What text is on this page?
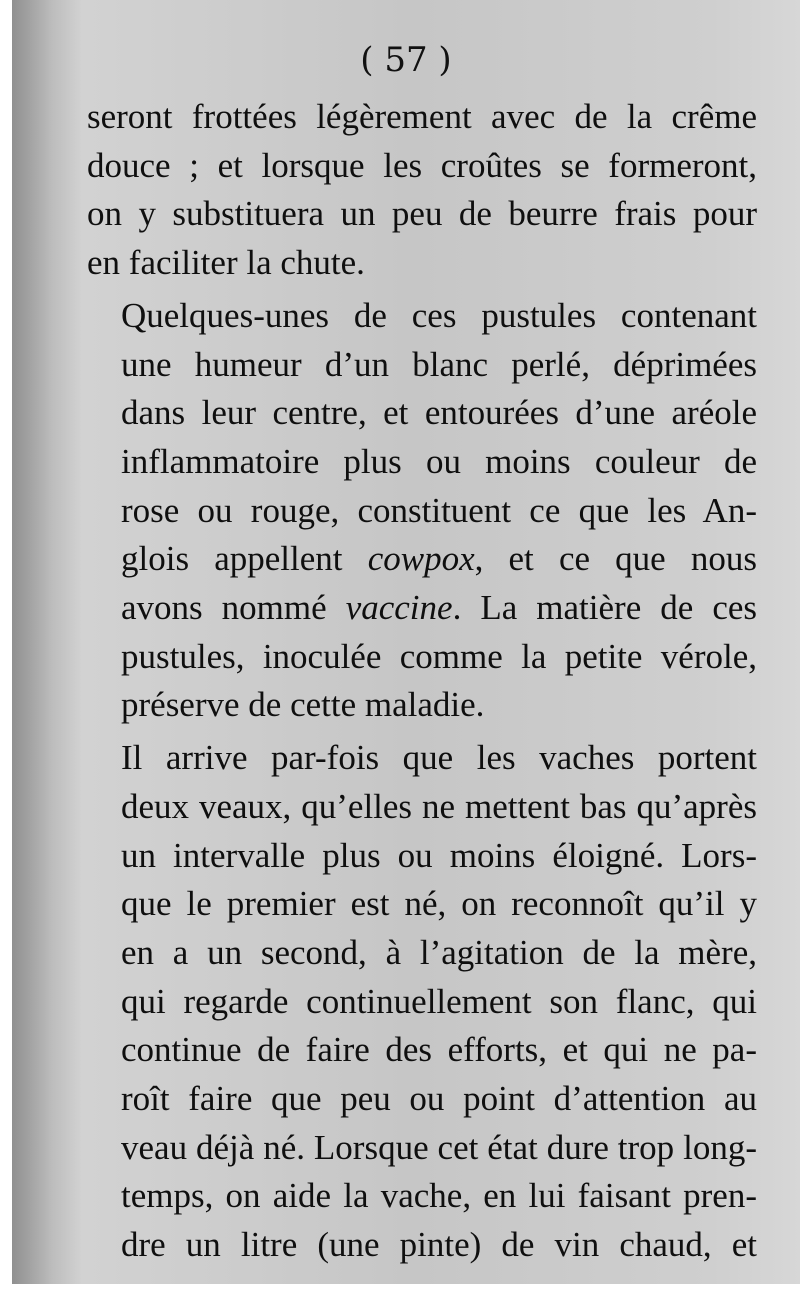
( 57 )

seront frottées légèrement avec de la crême
douce ; et lorsque les croûtes se formeront,
on y substituera un peu de beurre frais pour
en faciliter la chute.

Quelques-unes de ces pustules contenant
une humeur d’un blanc perlé, déprimées
dans leur centre, et entourées d’une aréole
inflammatoire plus ou moins couleur de
rose ou rouge, constituent ce que les An-
glois appellent cowpox, et ce que nous
avons nommé vaccine. La matière de ces
pustules, inoculée comme la petite vérole,
préserve de cette maladie.

Il arrive par-fois que les vaches portent
deux veaux, qu’elles ne mettent bas qu’après
un intervalle plus ou moins éloigné. Lors-
que le premier est né, on reconnoît qu’il y
en a un second, à l’agitation de la mère,
qui regarde continuellement son flanc, qui
continue de faire des efforts, et qui ne pa-
roît faire que peu ou point d’attention au
veau déjà né. Lorsque cet état dure trop long-
temps, on aide la vache, en lui faisant pren-
dre un litre (une pinte) de vin chaud, et
